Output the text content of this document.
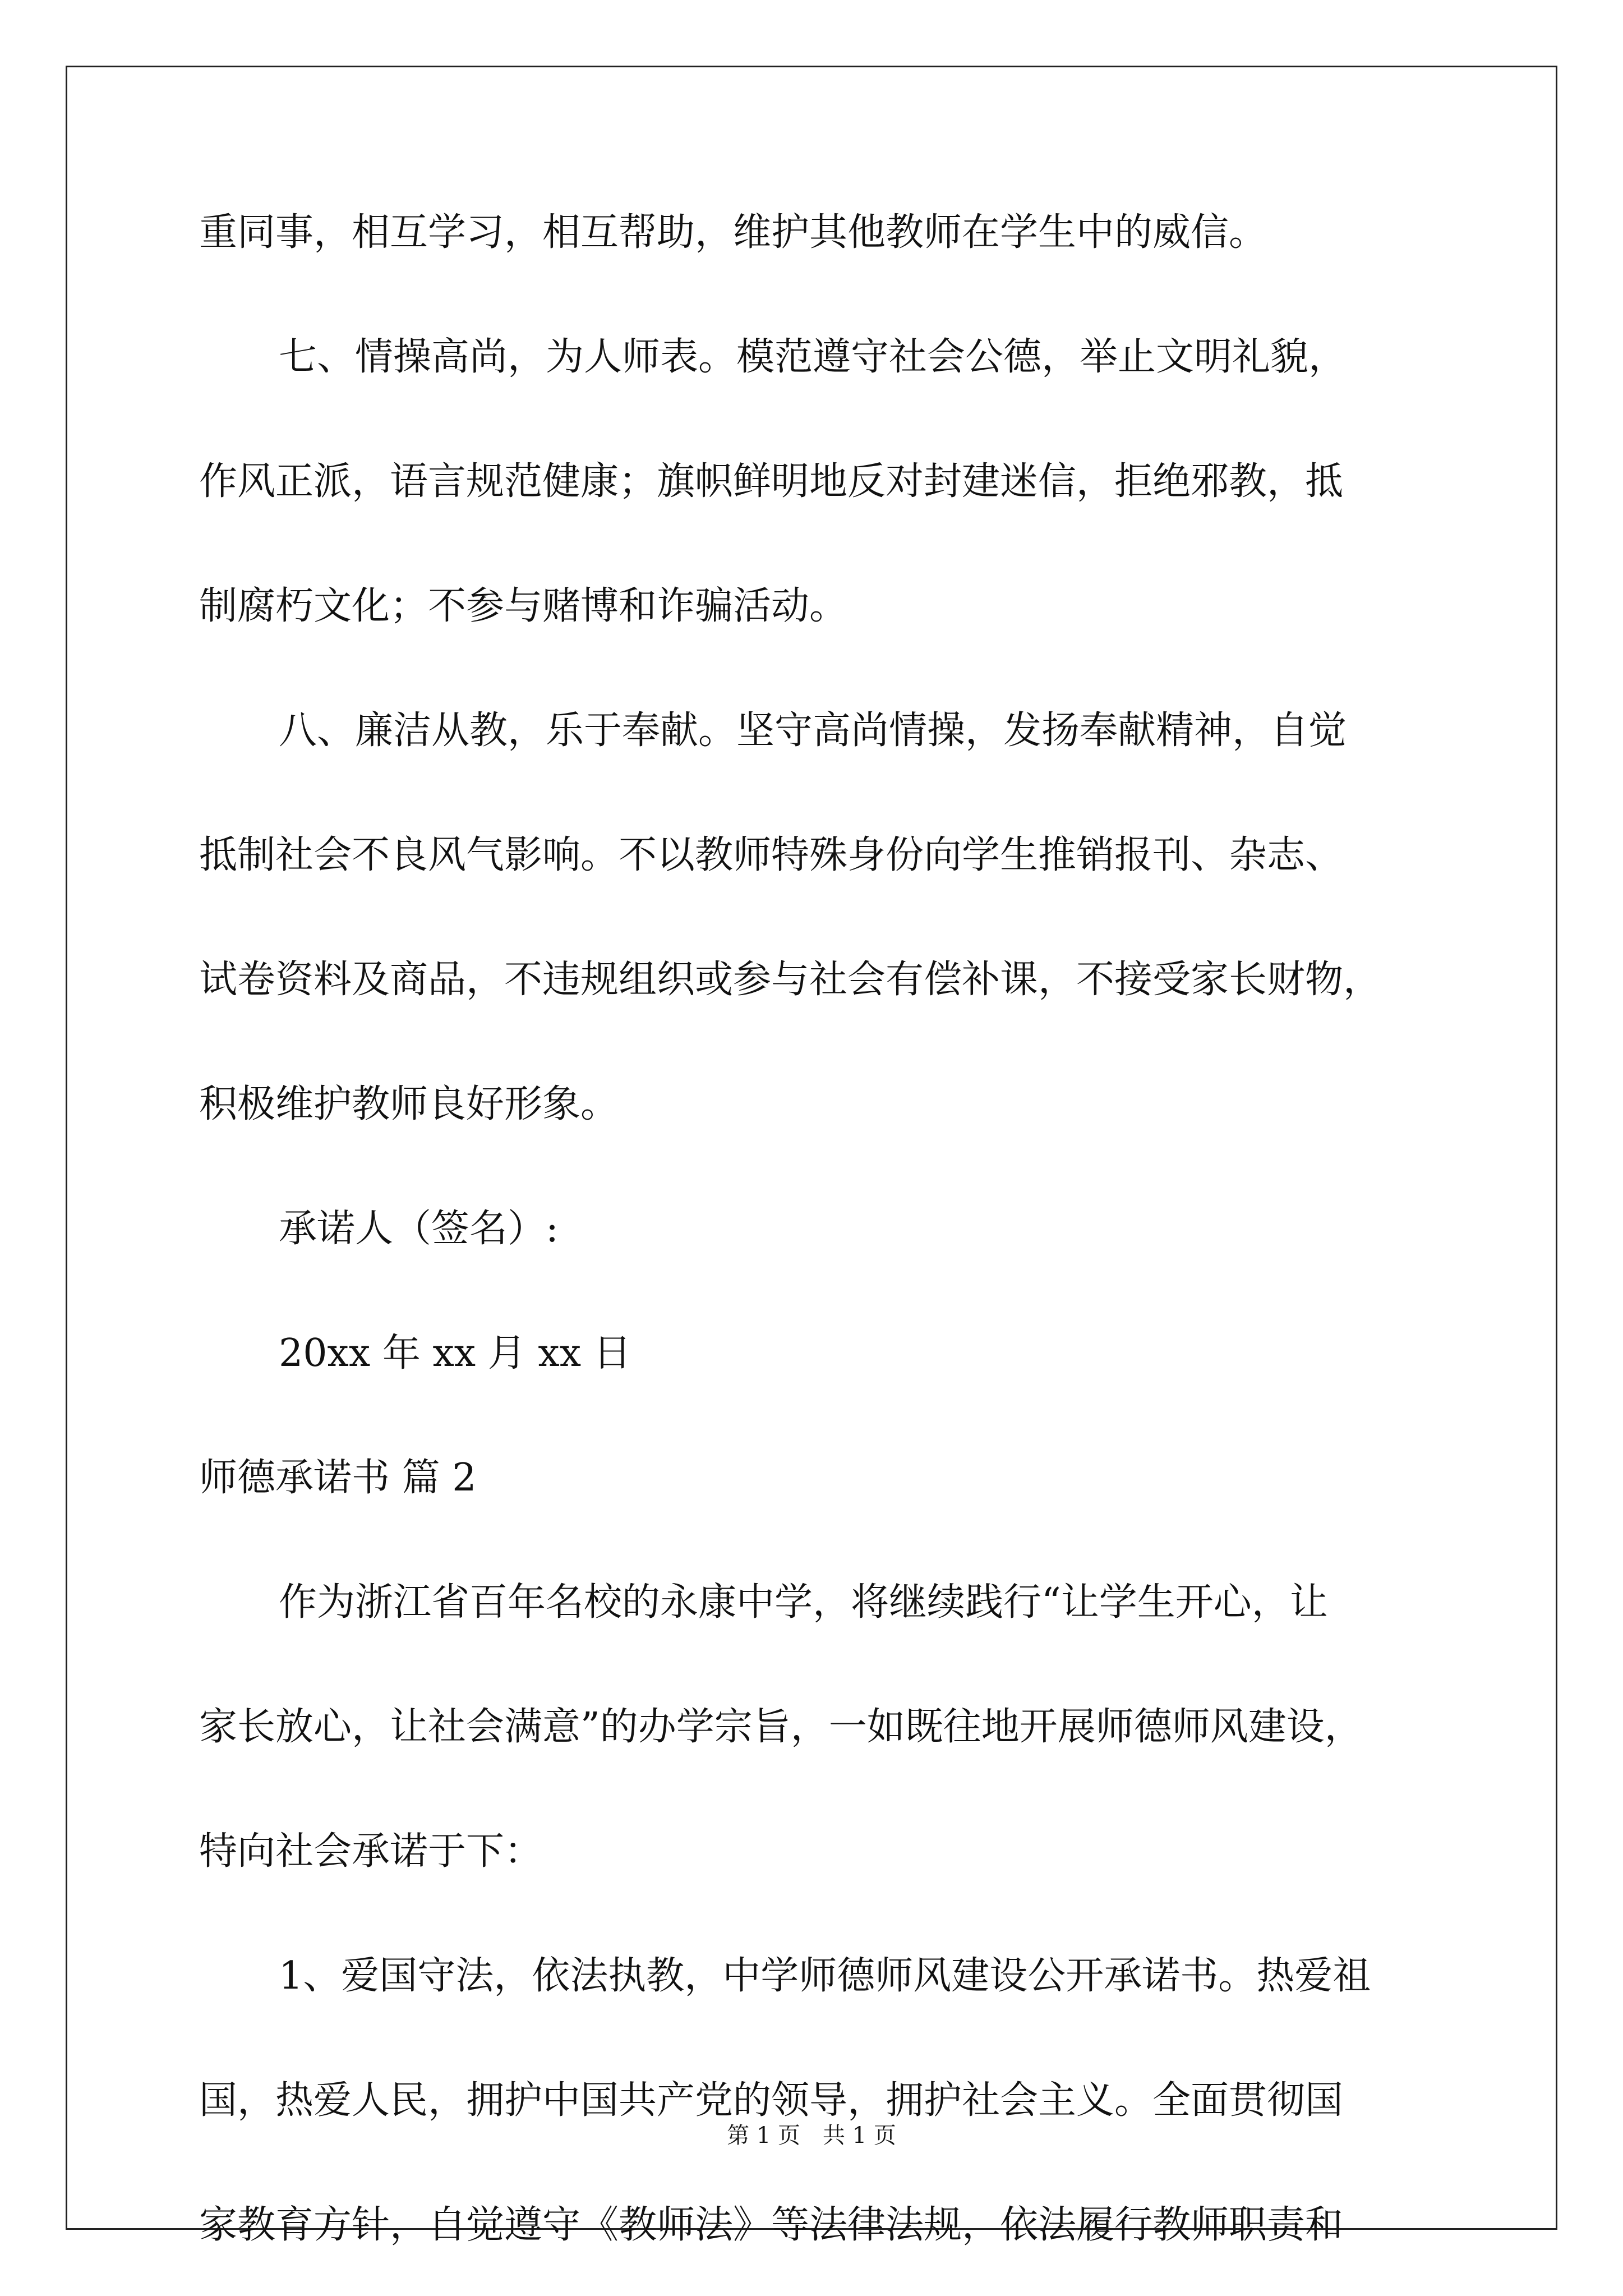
重同事，相互学习，相互帮助，维护其他教师在学生中的威信。
七、情操高尚，为人师表。模范遵守社会公德，举止文明礼貌，
作风正派，语言规范健康；旗帜鲜明地反对封建迷信，拒绝邪教，抵
制腐朽文化；不参与赌博和诈骗活动。
八、廉洁从教，乐于奉献。坚守高尚情操，发扬奉献精神，自觉
抵制社会不良风气影响。不以教师特殊身份向学生推销报刊、杂志、
试卷资料及商品，不违规组织或参与社会有偿补课，不接受家长财物，
积极维护教师良好形象。
承诺人（签名）:
20xx 年 xx 月 xx 日
师德承诺书 篇 2
作为浙江省百年名校的永康中学，将继续践行“让学生开心，让
家长放心，让社会满意”的办学宗旨，一如既往地开展师德师风建设，
特向社会承诺于下：
1、爱国守法，依法执教，中学师德师风建设公开承诺书。热爱祖
国，热爱人民，拥护中国共产党的领导，拥护社会主义。全面贯彻国
家教育方针，自觉遵守《教师法》等法律法规，依法履行教师职责和
第 1 页 共 1 页
